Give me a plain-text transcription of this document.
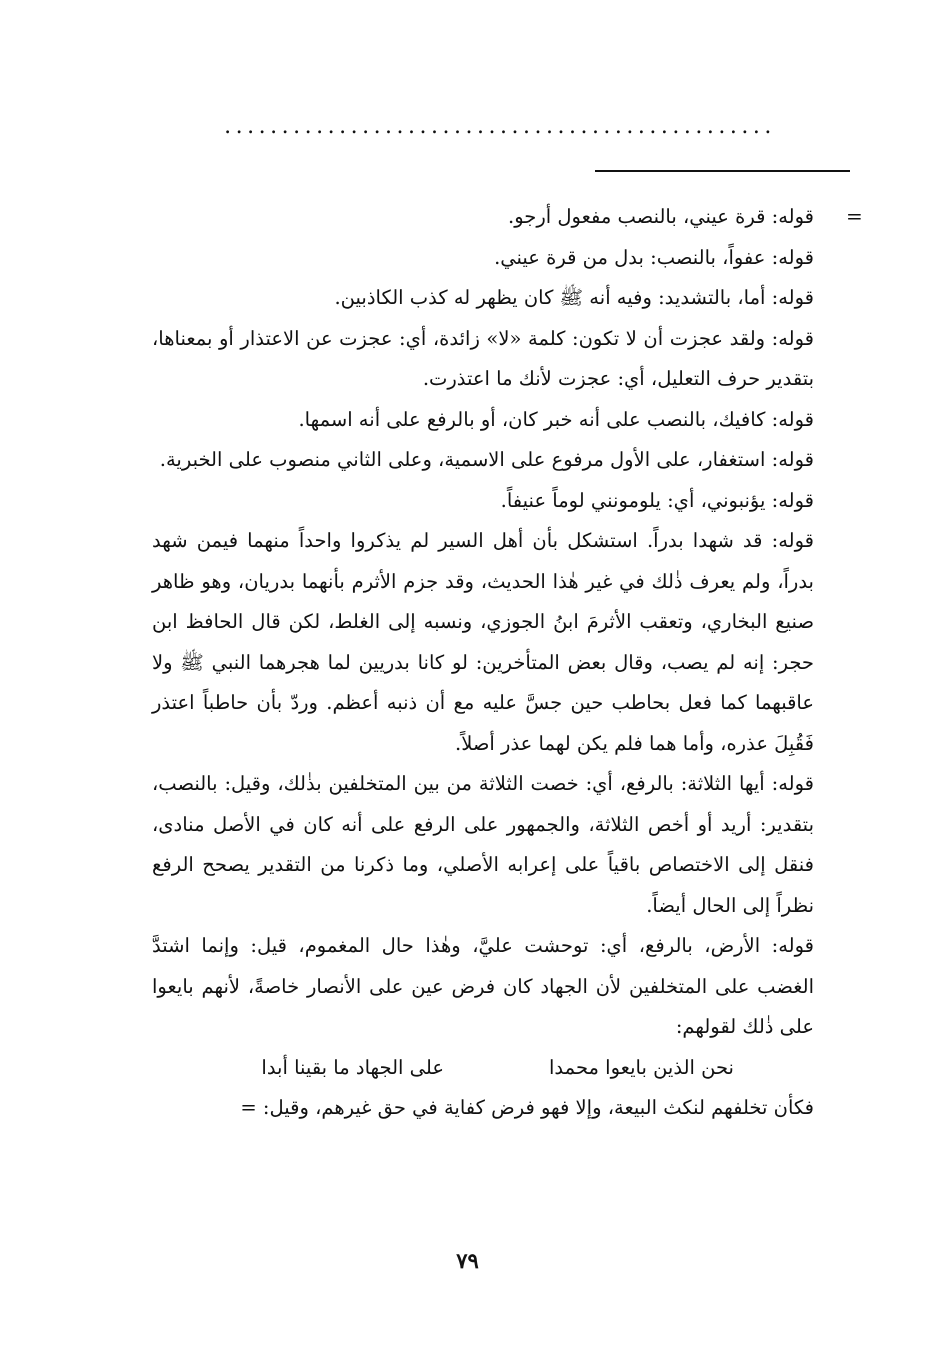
................................................
=

قوله: قرة عيني، بالنصب مفعول أرجو.

قوله: عفواً، بالنصب: بدل من قرة عيني.

قوله: أما، بالتشديد: وفيه أنه ﷺ كان يظهر له كذب الكاذبين.

قوله: ولقد عجزت أن لا تكون: كلمة «لا» زائدة، أي: عجزت عن الاعتذار أو بمعناها، بتقدير حرف التعليل، أي: عجزت لأنك ما اعتذرت.

قوله: كافيك، بالنصب على أنه خبر كان، أو بالرفع على أنه اسمها.

قوله: استغفار، على الأول مرفوع على الاسمية، وعلى الثاني منصوب على الخبرية.

قوله: يؤنبوني، أي: يلومونني لوماً عنيفاً.

قوله: قد شهدا بدراً. استشكل بأن أهل السير لم يذكروا واحداً منهما فيمن شهد بدراً، ولم يعرف ذٰلك في غير هٰذا الحديث، وقد جزم الأثرم بأنهما بدريان، وهو ظاهر صنيع البخاري، وتعقب الأثرمَ ابنُ الجوزي، ونسبه إلى الغلط، لكن قال الحافظ ابن حجر: إنه لم يصب، وقال بعض المتأخرين: لو كانا بدريين لما هجرهما النبي ﷺ ولا عاقبهما كما فعل بحاطب حين جسَّ عليه مع أن ذنبه أعظم. وردّ بأن حاطباً اعتذر فَقُبِلَ عذره، وأما هما فلم يكن لهما عذر أصلاً.

قوله: أيها الثلاثة: بالرفع، أي: خصت الثلاثة من بين المتخلفين بذٰلك، وقيل: بالنصب، بتقدير: أريد أو أخص الثلاثة، والجمهور على الرفع على أنه كان في الأصل منادى، فنقل إلى الاختصاص باقياً على إعرابه الأصلي، وما ذكرنا من التقدير يصحح الرفع نظراً إلى الحال أيضاً.

قوله: الأرض، بالرفع، أي: توحشت عليَّ، وهٰذا حال المغموم، قيل: وإنما اشتدَّ الغضب على المتخلفين لأن الجهاد كان فرض عين على الأنصار خاصةً، لأنهم بايعوا على ذٰلك لقولهم:

نحن الذين بايعوا محمدا
على الجهاد ما بقينا أبدا

فكأن تخلفهم لنكث البيعة، وإلا فهو فرض كفاية في حق غيرهم، وقيل: =

٧٩
